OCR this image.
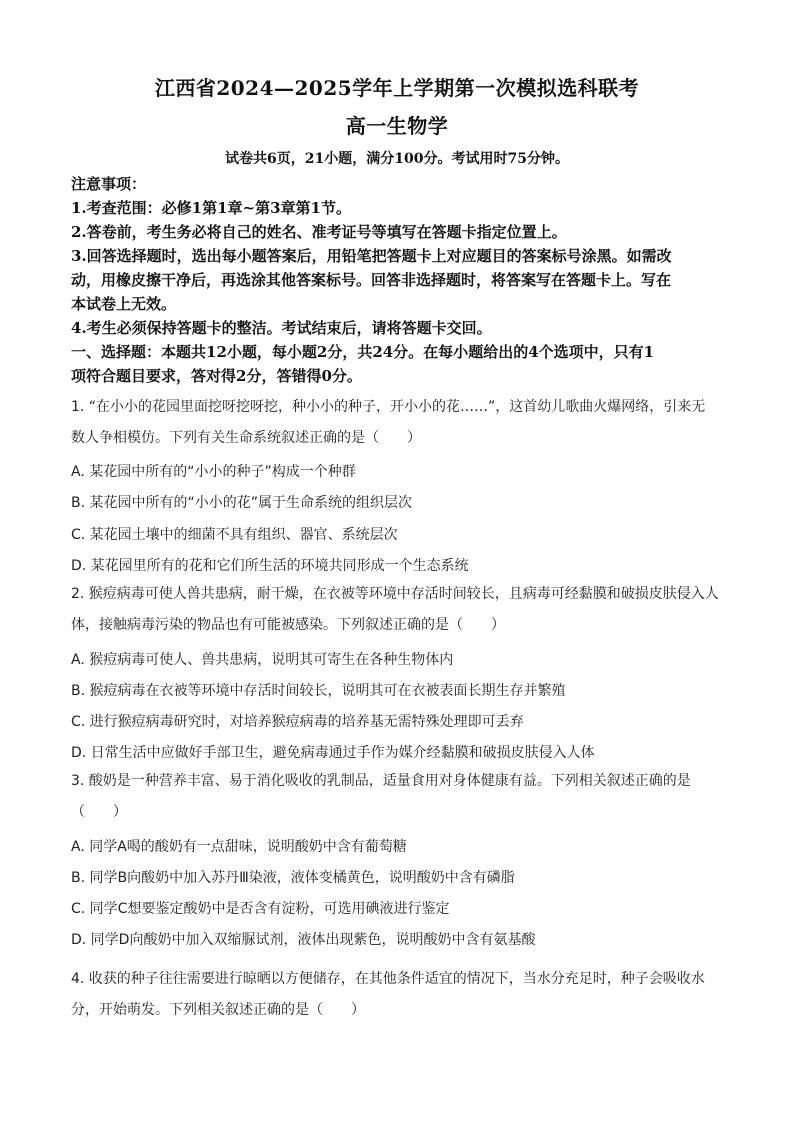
江西省2024—2025学年上学期第一次模拟选科联考
高一生物学
试卷共6页，21小题，满分100分。考试用时75分钟。
注意事项：
1.考查范围：必修1第1章~第3章第1节。
2.答卷前，考生务必将自己的姓名、准考证号等填写在答题卡指定位置上。
3.回答选择题时，选出每小题答案后，用铅笔把答题卡上对应题目的答案标号涂黑。如需改
动，用橡皮擦干净后，再选涂其他答案标号。回答非选择题时，将答案写在答题卡上。写在
本试卷上无效。
4.考生必须保持答题卡的整洁。考试结束后，请将答题卡交回。
一、选择题：本题共12小题，每小题2分，共24分。在每小题给出的4个选项中，只有1
项符合题目要求，答对得2分，答错得0分。
1. “在小小的花园里面挖呀挖呀挖，种小小的种子，开小小的花……”，这首幼儿歌曲火爆网络，引来无
数人争相模仿。下列有关生命系统叙述正确的是（　　）
A. 某花园中所有的“小小的种子”构成一个种群
B. 某花园中所有的“小小的花”属于生命系统的组织层次
C. 某花园土壤中的细菌不具有组织、器官、系统层次
D. 某花园里所有的花和它们所生活的环境共同形成一个生态系统
2. 猴痘病毒可使人兽共患病，耐干燥，在衣被等环境中存活时间较长，且病毒可经黏膜和破损皮肤侵入人
体，接触病毒污染的物品也有可能被感染。下列叙述正确的是（　　）
A. 猴痘病毒可使人、兽共患病，说明其可寄生在各种生物体内
B. 猴痘病毒在衣被等环境中存活时间较长，说明其可在衣被表面长期生存并繁殖
C. 进行猴痘病毒研究时，对培养猴痘病毒的培养基无需特殊处理即可丢弃
D. 日常生活中应做好手部卫生，避免病毒通过手作为媒介经黏膜和破损皮肤侵入人体
3. 酸奶是一种营养丰富、易于消化吸收的乳制品，适量食用对身体健康有益。下列相关叙述正确的是
（　　）
A. 同学A喝的酸奶有一点甜味，说明酸奶中含有葡萄糖
B. 同学B向酸奶中加入苏丹Ⅲ染液，液体变橘黄色，说明酸奶中含有磷脂
C. 同学C想要鉴定酸奶中是否含有淀粉，可选用碘液进行鉴定
D. 同学D向酸奶中加入双缩脲试剂，液体出现紫色，说明酸奶中含有氨基酸
4. 收获的种子往往需要进行晾晒以方便储存，在其他条件适宜的情况下，当水分充足时，种子会吸收水
分，开始萌发。下列相关叙述正确的是（　　）
